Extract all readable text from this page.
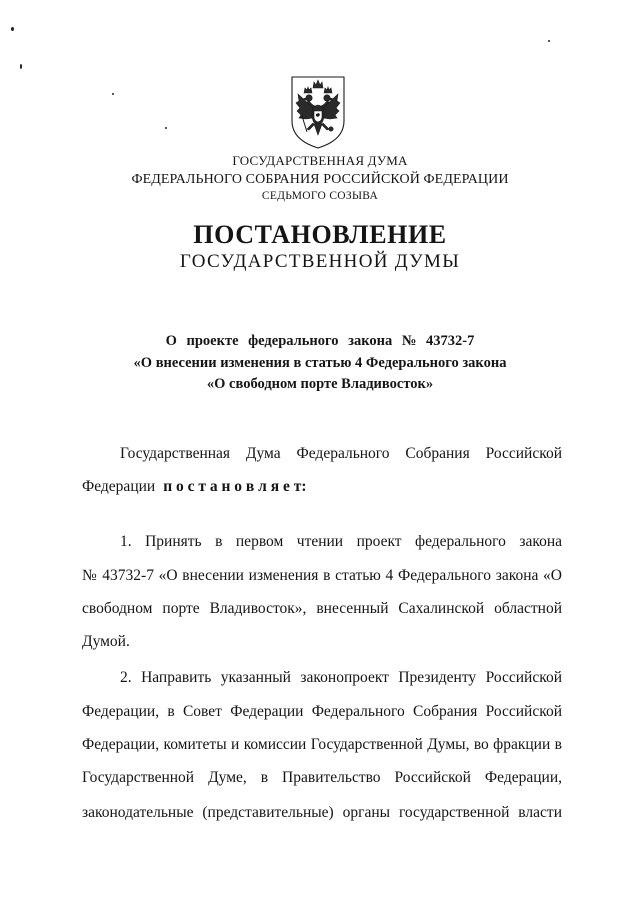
ГОСУДАРСТВЕННАЯ ДУМА
ФЕДЕРАЛЬНОГО СОБРАНИЯ РОССИЙСКОЙ ФЕДЕРАЦИИ
СЕДЬМОГО СОЗЫВА
ПОСТАНОВЛЕНИЕ
ГОСУДАРСТВЕННОЙ ДУМЫ
О проекте федерального закона № 43732-7
«О внесении изменения в статью 4 Федерального закона
«О свободном порте Владивосток»
Государственная Дума Федерального Собрания Российской
Федерации п о с т а н о в л я е т:
1. Принять в первом чтении проект федерального закона
№ 43732-7 «О внесении изменения в статью 4 Федерального закона «О
свободном порте Владивосток», внесенный Сахалинской областной
Думой.
2. Направить указанный законопроект Президенту Российской
Федерации, в Совет Федерации Федерального Собрания Российской
Федерации, комитеты и комиссии Государственной Думы, во фракции в
Государственной Думе, в Правительство Российской Федерации,
законодательные (представительные) органы государственной власти
